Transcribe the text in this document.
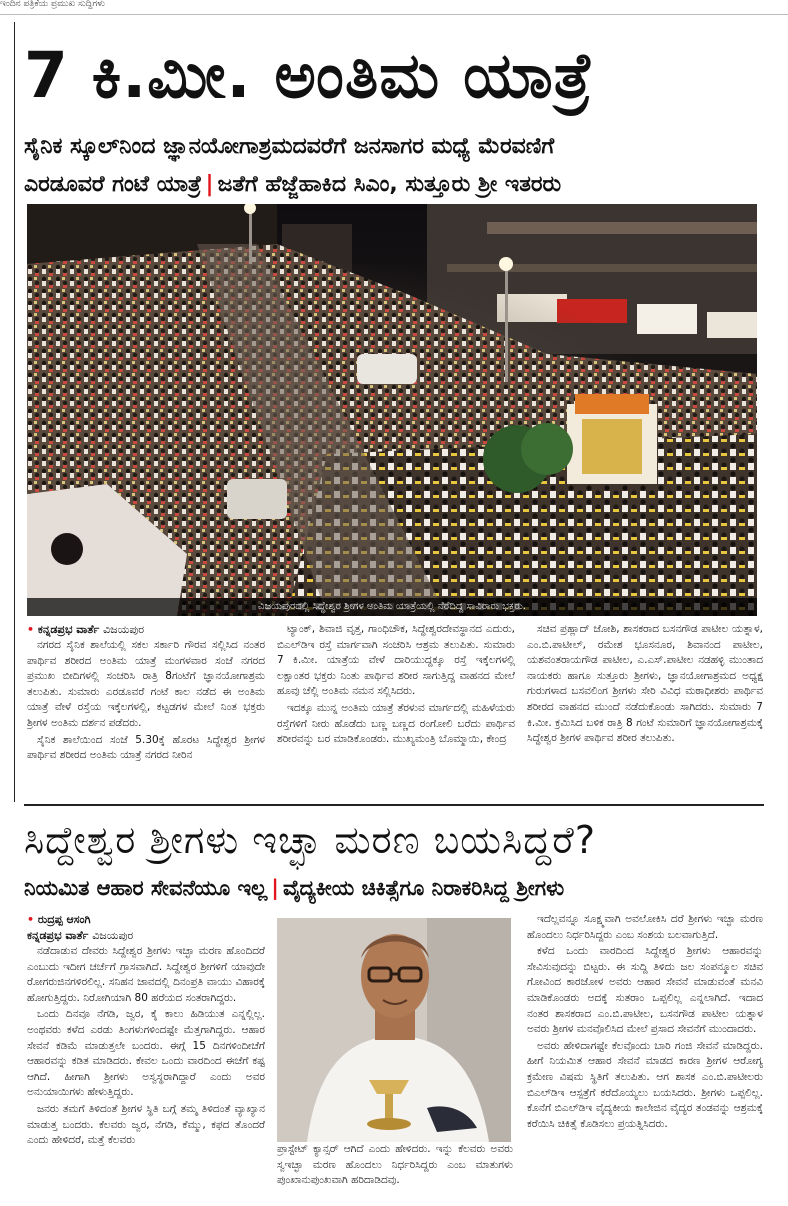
ಇಂದಿನ ಪತ್ರಿಕೆಯ ಪ್ರಮುಖ ಸುದ್ದಿಗಳು
7 ಕಿ.ಮೀ. ಅಂತಿಮ ಯಾತ್ರೆ
ಸೈನಿಕ ಸ್ಕೂಲ್‌ನಿಂದ ಜ್ಞಾನಯೋಗಾಶ್ರಮದವರೆಗೆ ಜನಸಾಗರ ಮಧ್ಯೆ ಮೆರವಣಿಗೆ
ಎರಡೂವರೆ ಗಂಟೆ ಯಾತ್ರೆ | ಜತೆಗೆ ಹೆಜ್ಜೆಹಾಕಿದ ಸಿಎಂ, ಸುತ್ತೂರು ಶ್ರೀ ಇತರರು
ವಿಜಯಪುರದಲ್ಲಿ ಸಿದ್ಧೇಶ್ವರ ಶ್ರೀಗಳ ಅಂತಿಮ ಯಾತ್ರೆಯಲ್ಲಿ ನೆರೆದಿದ್ದ ಸಾವಿರಾರು ಭಕ್ತರು.
• ಕನ್ನಡಪ್ರಭ ವಾರ್ತೆ ವಿಜಯಪುರ

ನಗರದ ಸೈನಿಕ ಶಾಲೆಯಲ್ಲಿ ಸಕಲ ಸರ್ಕಾರಿ ಗೌರವ ಸಲ್ಲಿಸಿದ ನಂತರ ಪಾರ್ಥಿವ ಶರೀರದ ಅಂತಿಮ ಯಾತ್ರೆ ಮಂಗಳವಾರ ಸಂಜೆ ನಗರದ ಪ್ರಮುಖ ಬೀದಿಗಳಲ್ಲಿ ಸಂಚರಿಸಿ ರಾತ್ರಿ 8ಗಂಟೆಗೆ ಜ್ಞಾನಯೋಗಾಶ್ರಮ ತಲುಪಿತು. ಸುಮಾರು ಎರಡೂವರೆ ಗಂಟೆ ಕಾಲ ನಡೆದ ಈ ಅಂತಿಮ ಯಾತ್ರೆ ವೇಳೆ ರಸ್ತೆಯ ಇಕ್ಕೆಲಗಳಲ್ಲಿ, ಕಟ್ಟಡಗಳ ಮೇಲೆ ನಿಂತ ಭಕ್ತರು ಶ್ರೀಗಳ ಅಂತಿಮ ದರ್ಶನ ಪಡೆದರು.

ಸೈನಿಕ ಶಾಲೆಯಿಂದ ಸಂಜೆ 5.30ಕ್ಕೆ ಹೊರಟ ಸಿದ್ಧೇಶ್ವರ ಶ್ರೀಗಳ ಪಾರ್ಥಿವ ಶರೀರದ ಅಂತಿಮ ಯಾತ್ರೆ ನಗರದ ನೀರಿನ

ಟ್ಯಾಂಕ್, ಶಿವಾಜಿ ವೃತ್ತ, ಗಾಂಧಿಚೌಕ, ಸಿದ್ಧೇಶ್ವರದೇವಸ್ಥಾನದ ಎದುರು, ಬಿಎಲ್‌ಡಿಇ ರಸ್ತೆ ಮಾರ್ಗವಾಗಿ ಸಂಚರಿಸಿ ಆಶ್ರಮ ತಲುಪಿತು. ಸುಮಾರು 7 ಕಿ.ಮೀ. ಯಾತ್ರೆಯ ವೇಳೆ ದಾರಿಯುದ್ದಕ್ಕೂ ರಸ್ತೆ ಇಕ್ಕೆಲಗಳಲ್ಲಿ ಲಕ್ಷಾಂತರ ಭಕ್ತರು ನಿಂತು ಪಾರ್ಥಿವ ಶರೀರ ಸಾಗುತ್ತಿದ್ದ ವಾಹನದ ಮೇಲೆ ಹೂವು ಚೆಲ್ಲಿ ಅಂತಿಮ ನಮನ ಸಲ್ಲಿಸಿದರು.

ಇದಕ್ಕೂ ಮುನ್ನ ಅಂತಿಮ ಯಾತ್ರೆ ತೆರಳುವ ಮಾರ್ಗದಲ್ಲಿ ಮಹಿಳೆಯರು ರಸ್ತೆಗಳಿಗೆ ನೀರು ಹೊಡೆದು ಬಣ್ಣ ಬಣ್ಣದ ರಂಗೋಲಿ ಬರೆದು ಪಾರ್ಥಿವ ಶರೀರವನ್ನು ಬರ ಮಾಡಿಕೊಂಡರು. ಮುಖ್ಯಮಂತ್ರಿ ಬೊಮ್ಮಾಯಿ, ಕೇಂದ್ರ

ಸಚಿವ ಪ್ರಹ್ಲಾದ್ ಜೋಶಿ, ಶಾಸಕರಾದ ಬಸನಗೌಡ ಪಾಟೀಲ ಯತ್ನಾಳ, ಎಂ.ಬಿ.ಪಾಟೀಲ್, ರಮೇಶ ಭೂಸನೂರ, ಶಿವಾನಂದ ಪಾಟೀಲ, ಯಶವಂತರಾಯಗೌಡ ಪಾಟೀಲ, ಎ.ಎಸ್.ಪಾಟೀಲ ನಡಹಳ್ಳಿ ಮುಂತಾದ ನಾಯಕರು ಹಾಗೂ ಸುತ್ತೂರು ಶ್ರೀಗಳು, ಜ್ಞಾನಯೋಗಾಶ್ರಮದ ಅಧ್ಯಕ್ಷ ಗುರುಗಳಾದ ಬಸವಲಿಂಗ ಶ್ರೀಗಳು ಸೇರಿ ವಿವಿಧ ಮಠಾಧೀಶರು ಪಾರ್ಥಿವ ಶರೀರದ ವಾಹನದ ಮುಂದೆ ನಡೆದುಕೊಂಡು ಸಾಗಿದರು. ಸುಮಾರು 7 ಕಿ.ಮೀ. ಕ್ರಮಿಸಿದ ಬಳಿಕ ರಾತ್ರಿ 8 ಗಂಟೆ ಸುಮಾರಿಗೆ ಜ್ಞಾನಯೋಗಾಶ್ರಮಕ್ಕೆ ಸಿದ್ಧೇಶ್ವರ ಶ್ರೀಗಳ ಪಾರ್ಥಿವ ಶರೀರ ತಲುಪಿತು.

ಸಿದ್ದೇಶ್ವರ ಶ್ರೀಗಳು ಇಚ್ಛಾ ಮರಣ ಬಯಸಿದ್ದರೆ?
ನಿಯಮಿತ ಆಹಾರ ಸೇವನೆಯೂ ಇಲ್ಲ | ವೈದ್ಯಕೀಯ ಚಿಕಿತ್ಸೆಗೂ ನಿರಾಕರಿಸಿದ್ದ ಶ್ರೀಗಳು
• ರುದ್ರಪ್ಪ ಆಸಂಗಿ
ಕನ್ನಡಪ್ರಭ ವಾರ್ತೆ ವಿಜಯಪುರ

ನಡೆದಾಡುವ ದೇವರು ಸಿದ್ದೇಶ್ವರ ಶ್ರೀಗಳು ಇಚ್ಛಾ ಮರಣ ಹೊಂದಿದರೆ ಎಂಬುದು ಇದೀಗ ಚರ್ಚೆಗೆ ಗ್ರಾಸವಾಗಿದೆ. ಸಿದ್ದೇಶ್ವರ ಶ್ರೀಗಳಿಗೆ ಯಾವುದೇ ರೋಗರುಜಿನಗಳಿರಲಿಲ್ಲ. ಸನಿಹನ ಜಾವದಲ್ಲಿ ದಿನಂಪ್ರತಿ ವಾಯು ವಿಹಾರಕ್ಕೆ ಹೋಗುತ್ತಿದ್ದರು. ನಿರೋಗಿಯಾಗಿ 80 ಹರೆಯದ ಸಂತರಾಗಿದ್ದರು.

ಒಂದು ದಿನವೂ ನೆಗಡಿ, ಜ್ವರ, ಕೈ ಕಾಲು ಹಿಡಿಯುತ ಎನ್ನಲ್ಲಿಲ್ಲ. ಅಂಥವರು ಕಳೆದ ಎರಡು ತಿಂಗಳುಗಳಿಂದಷ್ಟೇ ಮೆತ್ತಗಾಗಿದ್ದರು. ಆಹಾರ ಸೇವನೆ ಕಡಿಮೆ ಮಾಡುತ್ತಲೇ ಬಂದರು. ಈಗ್ಗೆ 15 ದಿನಗಳಿಂದೀಚೆಗೆ ಆಹಾರವನ್ನು ಕಡಿತ ಮಾಡಿದರು. ಕೇವಲ ಒಂದು ವಾರದಿಂದ ಈಚೆಗೆ ಕಷ್ಟ ಆಗಿದೆ. ಹೀಗಾಗಿ ಶ್ರೀಗಳು ಅಸ್ವಸ್ಥರಾಗಿದ್ದಾರೆ ಎಂದು ಅವರ ಅನುಯಾಯಿಗಳು ಹೇಳುತ್ತಿದ್ದರು.

ಜನರು ತಮಗೆ ತಿಳಿದಂತೆ ಶ್ರೀಗಳ ಸ್ಥಿತಿ ಬಗ್ಗೆ ತಮ್ಮ ತಿಳಿದಂತೆ ವ್ಯಾಖ್ಯಾನ ಮಾಡುತ್ತ ಬಂದರು. ಕೆಲವರು ಜ್ವರ, ನೆಗಡಿ, ಕೆಮ್ಮು, ಕಫದ ತೊಂದರೆ ಎಂದು ಹೇಳಿದರೆ, ಮತ್ತೆ ಕೆಲವರು

ಪ್ರಾಸ್ಟೇಟ್ ಕ್ಯಾನ್ಸರ್ ಆಗಿದೆ ಎಂದು ಹೇಳಿದರು. ಇನ್ನು ಕೆಲವರು ಅವರು ಸ್ವಇಚ್ಛಾ ಮರಣ ಹೊಂದಲು ನಿರ್ಧರಿಸಿದ್ದರು ಎಂಬ ಮಾತುಗಳು ಪುಂಖಾನುಪುಂಖವಾಗಿ ಹರಿದಾಡಿದವು.

ಇದೆಲ್ಲವನ್ನೂ ಸೂಕ್ಷ್ಮವಾಗಿ ಅವಲೋಕಿಸಿ ದರೆ ಶ್ರೀಗಳು ಇಚ್ಛಾ ಮರಣ ಹೊಂದಲು ನಿರ್ಧರಿಸಿದ್ದರು ಎಂಬ ಸಂಶಯ ಬಲವಾಗುತ್ತಿದೆ.

ಕಳೆದ ಒಂದು ವಾರದಿಂದ ಸಿದ್ದೇಶ್ವರ ಶ್ರೀಗಳು ಆಹಾರವನ್ನು ಸೇವಿಸುವುದನ್ನು ಬಿಟ್ಟರು. ಈ ಸುದ್ದಿ ತಿಳಿದು ಜಲ ಸಂಪನ್ಮೂಲ ಸಚಿವ ಗೋವಿಂದ ಕಾರಜೋಳ ಅವರು ಆಹಾರ ಸೇವನೆ ಮಾಡುವಂತೆ ಮನವಿ ಮಾಡಿಕೊಂಡರು ಅದಕ್ಕೆ ಸುತರಾಂ ಒಪ್ಪಲಿಲ್ಲ ಎನ್ನಲಾಗಿದೆ. ಇದಾದ ನಂತರ ಶಾಸಕರಾದ ಎಂ.ಬಿ.ಪಾಟೀಲ, ಬಸನಗೌಡ ಪಾಟೀಲ ಯತ್ನಾಳ ಅವರು ಶ್ರೀಗಳ ಮನವೊಲಿಸಿದ ಮೇಲೆ ಪ್ರಸಾದ ಸೇವನೆಗೆ ಮುಂದಾದರು.

ಅವರು ಹೇಳಿದಾಗಷ್ಟೇ ಕೆಲವೊಂದು ಬಾರಿ ಗಂಜಿ ಸೇವನೆ ಮಾಡಿದ್ದರು. ಹೀಗೆ ನಿಯಮಿತ ಆಹಾರ ಸೇವನೆ ಮಾಡದ ಕಾರಣ ಶ್ರೀಗಳ ಆರೋಗ್ಯ ಕ್ರಮೇಣ ವಿಷಮ ಸ್ಥಿತಿಗೆ ತಲುಪಿತು. ಆಗ ಶಾಸಕ ಎಂ.ಬಿ.ಪಾಟೀಲರು ಬಿಎಲ್‌ಡಿಇ ಆಸ್ಪತ್ರೆಗೆ ಕರೆದೊಯ್ಯಲು ಬಯಸಿದರು. ಶ್ರೀಗಳು ಒಪ್ಪಲಿಲ್ಲ. ಕೊನೆಗೆ ಬಿಎಲ್‌ಡಿಇ ವೈದ್ಯಕೀಯ ಕಾಲೇಜಿನ ವೈದ್ಯರ ತಂಡವನ್ನು ಆಶ್ರಮಕ್ಕೆ ಕರೆಯಿಸಿ ಚಿಕಿತ್ಸೆ ಕೊಡಿಸಲು ಪ್ರಯತ್ನಿಸಿದರು.
